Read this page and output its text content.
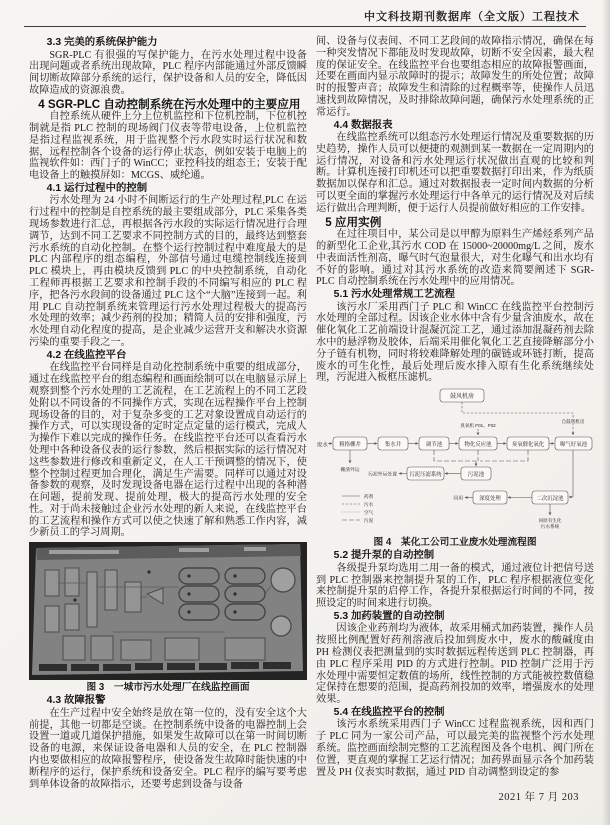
中文科技期刊数据库（全文版）工程技术
3.3 完美的系统保护能力

SGR-PLC 有很强的写保护能力，在污水处理过程中设备出现问题或者系统出现故障，PLC 程序内部能通过外部反馈瞬间切断故障部分系统的运行，保护设备和人员的安全，降低因故障造成的资源浪费。

4 SGR-PLC 自动控制系统在污水处理中的主要应用

自控系统从硬件上分上位机监控和下位机控制，下位机控制就是指 PLC 控制的现场阀门仪表等带电设备，上位机监控是指过程监视系统，用于监视整个污水段实时运行状况和数据，远程控制各个设备的运行停止状态，例如安装于电脑上的监视软件如：西门子的 WinCC；亚控科技的组态王；安装于配电设备上的触摸屏如：MCGS、威纶通。

4.1 运行过程中的控制

污水处理为 24 小时不间断运行的生产处理过程,PLC 在运行过程中的控制是自控系统的最主要组成部分，PLC 采集各类现场参数进行汇总，再根据各污水段的实际运行情况进行合理调节，达到不同工艺要求不同控制方式的目的，最终达到整套污水系统的自动化控制。在整个运行控制过程中难度最大的是 PLC 内部程序的组态编程，外部信号通过电缆控制线连接到 PLC 模块上，再由模块反馈到 PLC 的中央控制系统，自动化工程师再根据工艺要求和控制手段的不同编写相应的 PLC 程序，把各污水段间的设备通过 PLC 这个“大脑”连接到一起。利用 PLC 自动控制系统来管理运行污水处理过程极大的提高污水处理的效率；减少药剂的投加；精简人员的安排和强度，污水处理自动化程度的提高，是企业减少运营开支和解决水资源污染的重要手段之一。

4.2 在线监控平台

在线监控平台同样是自动化控制系统中重要的组成部分，通过在线监控平台的组态编程和画面绘制可以在电脑显示屏上观察到整个污水处理的工艺流程，在工艺流程上的不同工艺段处附以不同设备的不同操作方式，实现在远程操作平台上控制现场设备的目的，对于复杂多变的工艺对象设置成自动运行的操作方式，可以实现设备的定时定点定量的运行模式，完成人为操作下难以完成的操作任务。在线监控平台还可以查看污水处理中各种设备仪表的运行参数，然后根据实际的运行情况对这些参数进行修改和重新定义，在人工干预调整的情况下，使整个控制过程更加合理化，满足生产需要。同样可以通过对设备参数的观察，及时发现设备电器在运行过程中出现的各种潜在问题，提前发现、提前处理，极大的提高污水处理的安全性。对于尚未接触过企业污水处理的新人来说，在线监控平台的工艺流程和操作方式可以使之快速了解和熟悉工作内容，减少新员工的学习周期。

图 3　一城市污水处理厂在线监控画面
4.3 故障报警

在生产过程中安全始终是放在第一位的，没有安全这个大前提，其他一切都是空谈。在控制系统中设备的电器控制上会设置一道或几道保护措施，如果发生故障可以在第一时间切断设备的电源，来保证设备电器和人员的安全，在 PLC 控制器内也要做相应的故障报警程序，使设备发生故障时能快速的中断程序的运行，保护系统和设备安全。PLC 程序的编写要考虑到单体设备的故障指示，还要考虑到设备与设备

间、设备与仪表间、不同工艺段间的故障指示情况，确保在每一种突发情况下都能及时发现故障，切断不安全因素，最大程度的保证安全。在线监控平台也要组态相应的故障报警画面，还要在画面内显示故障时的提示；故障发生的所处位置；故障时的报警声音；故障发生和清除的过程概率等，使操作人员迅速找到故障情况，及时排除故障问题，确保污水处理系统的正常运行。

4.4 数据报表

在线监控系统可以组态污水处理运行情况及重要数据的历史趋势，操作人员可以便捷的观测到某一数据在一定周期内的运行情况，对设备和污水处理运行状况做出直观的比较和判断。计算机连接打印机还可以把重要数据打印出来，作为纸质数据加以保存和汇总。通过对数据报表一定时间内数据的分析可以更全面的掌握污水处理运行中各单元的运行情况及对后续运行做出合理判断，便于运行人员提前做好相应的工作安排。

5 应用实例

在过往项目中，某公司是以甲醇为原料生产烯烃系列产品的新型化工企业,其污水 COD 在 15000~20000mg/L 之间，废水中表面活性剂高，曝气时气泡量很大，对生化曝气和出水均有不好的影响。通过对其污水系统的改造来简要阐述下 SGR-PLC 自动控制系统在污水处理中的应用情况。

5.1 污水处理常规工艺流程

该污水厂采用西门子 PLC 和 WinCC 在线监控平台控制污水处理的全部过程。因该企业水体中含有少量含油废水，故在催化氧化工艺前端设计混凝沉淀工艺，通过添加混凝药剂去除水中的悬浮物及胶体，后端采用催化氧化工艺直接降解部分小分子链有机物，同时将较难降解处理的碳链或环链打断，提高废水的可生化性，最后处理后废水排入原有生化系统继续处理，污泥进入板框压滤机。

鼓风机房
臭氧机 F01、F02
自鼓风机房
废水 粗格栅井	集水井	调节池	物化反应池	臭氧催化氧化	曝气好氧池
栅渣外运
污泥池
污泥压滤系统
污泥外运处置
二次沉淀池
深度处理
回用
回原有生化
污水系统
药剂
污水
空气
污泥
图 4　某化工公司工业废水处理流程图
5.2 提升泵的自动控制

各级提升泵均选用二用一备的模式，通过液位计把信号送到 PLC 控制器来控制提升泵的工作，PLC 程序根据液位变化来控制提升泵的启停工作，各提升泵根据运行时间的不同，按照设定的时间来进行切换。

5.3 加药装置的自动控制

因该企业药剂均为液体，故采用桶式加药装置，操作人员按照比例配置好药剂溶液后投加到废水中，废水的酸碱度由 PH 检测仪表把测量到的实时数据远程传送到 PLC 控制器，再由 PLC 程序采用 PID 的方式进行控制。PID 控制广泛用于污水处理中需要恒定数值的场所，线性控制的方式能被控数值稳定保持在想要的范围，提高药剂投加的效率，增强废水的处理效果。

5.4 在线监控平台的控制

该污水系统采用西门子 WinCC 过程监视系统，因和西门子 PLC 同为一家公司产品，可以最完美的监视整个污水处理系统。监控画面绘制完整的工艺流程图及各个电机、阀门所在位置，更直观的掌握工艺运行情况；加药界面显示各个加药装置及 PH 仪表实时数据，通过 PID 自动调整到设定的参

2021 年 7 月 203
